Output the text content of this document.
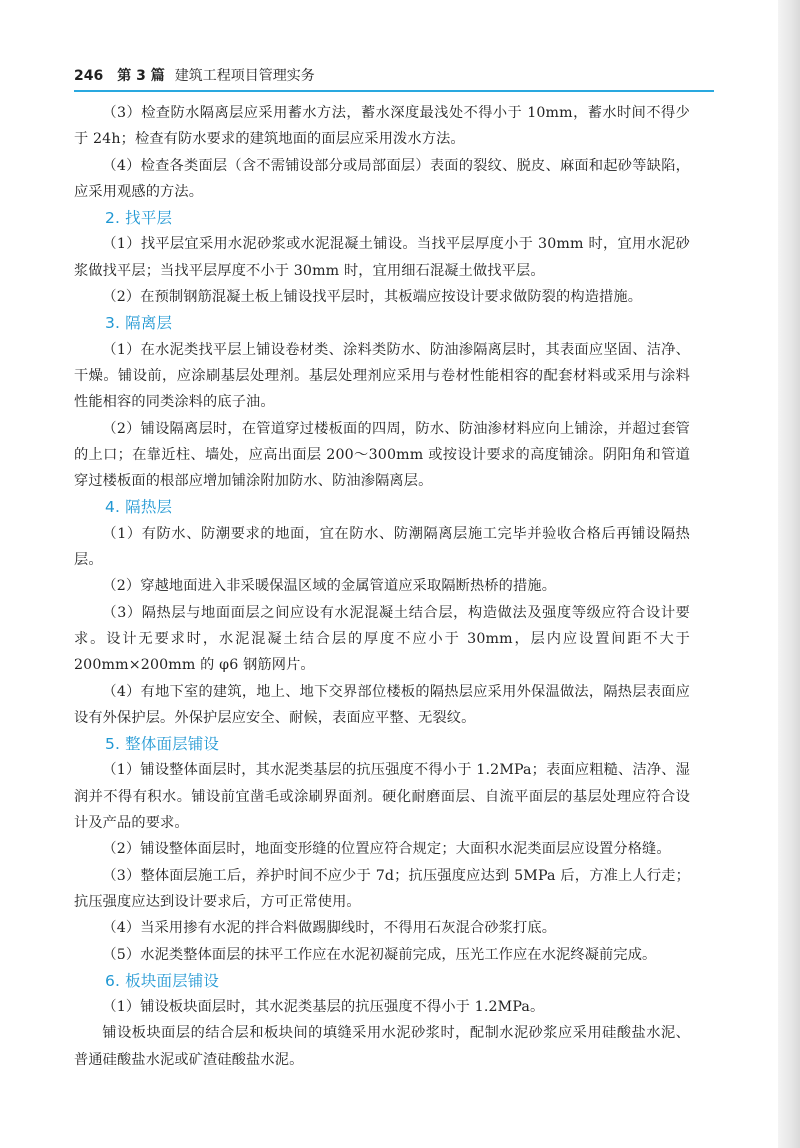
246 第 3 篇 建筑工程项目管理实务

（3）检查防水隔离层应采用蓄水方法，蓄水深度最浅处不得小于 10mm，蓄水时间不得少于 24h；检查有防水要求的建筑地面的面层应采用泼水方法。

（4）检查各类面层（含不需铺设部分或局部面层）表面的裂纹、脱皮、麻面和起砂等缺陷，应采用观感的方法。

2. 找平层

（1）找平层宜采用水泥砂浆或水泥混凝土铺设。当找平层厚度小于 30mm 时，宜用水泥砂浆做找平层；当找平层厚度不小于 30mm 时，宜用细石混凝土做找平层。

（2）在预制钢筋混凝土板上铺设找平层时，其板端应按设计要求做防裂的构造措施。

3. 隔离层

（1）在水泥类找平层上铺设卷材类、涂料类防水、防油渗隔离层时，其表面应坚固、洁净、干燥。铺设前，应涂刷基层处理剂。基层处理剂应采用与卷材性能相容的配套材料或采用与涂料性能相容的同类涂料的底子油。

（2）铺设隔离层时，在管道穿过楼板面的四周，防水、防油渗材料应向上铺涂，并超过套管的上口；在靠近柱、墙处，应高出面层 200～300mm 或按设计要求的高度铺涂。阴阳角和管道穿过楼板面的根部应增加铺涂附加防水、防油渗隔离层。

4. 隔热层

（1）有防水、防潮要求的地面，宜在防水、防潮隔离层施工完毕并验收合格后再铺设隔热层。

（2）穿越地面进入非采暖保温区域的金属管道应采取隔断热桥的措施。

（3）隔热层与地面面层之间应设有水泥混凝土结合层，构造做法及强度等级应符合设计要求。设计无要求时，水泥混凝土结合层的厚度不应小于 30mm，层内应设置间距不大于 200mm×200mm 的 φ6 钢筋网片。

（4）有地下室的建筑，地上、地下交界部位楼板的隔热层应采用外保温做法，隔热层表面应设有外保护层。外保护层应安全、耐候，表面应平整、无裂纹。

5. 整体面层铺设

（1）铺设整体面层时，其水泥类基层的抗压强度不得小于 1.2MPa；表面应粗糙、洁净、湿润并不得有积水。铺设前宜凿毛或涂刷界面剂。硬化耐磨面层、自流平面层的基层处理应符合设计及产品的要求。

（2）铺设整体面层时，地面变形缝的位置应符合规定；大面积水泥类面层应设置分格缝。

（3）整体面层施工后，养护时间不应少于 7d；抗压强度应达到 5MPa 后，方准上人行走；抗压强度应达到设计要求后，方可正常使用。

（4）当采用掺有水泥的拌合料做踢脚线时，不得用石灰混合砂浆打底。

（5）水泥类整体面层的抹平工作应在水泥初凝前完成，压光工作应在水泥终凝前完成。

6. 板块面层铺设

（1）铺设板块面层时，其水泥类基层的抗压强度不得小于 1.2MPa。

铺设板块面层的结合层和板块间的填缝采用水泥砂浆时，配制水泥砂浆应采用硅酸盐水泥、普通硅酸盐水泥或矿渣硅酸盐水泥。
